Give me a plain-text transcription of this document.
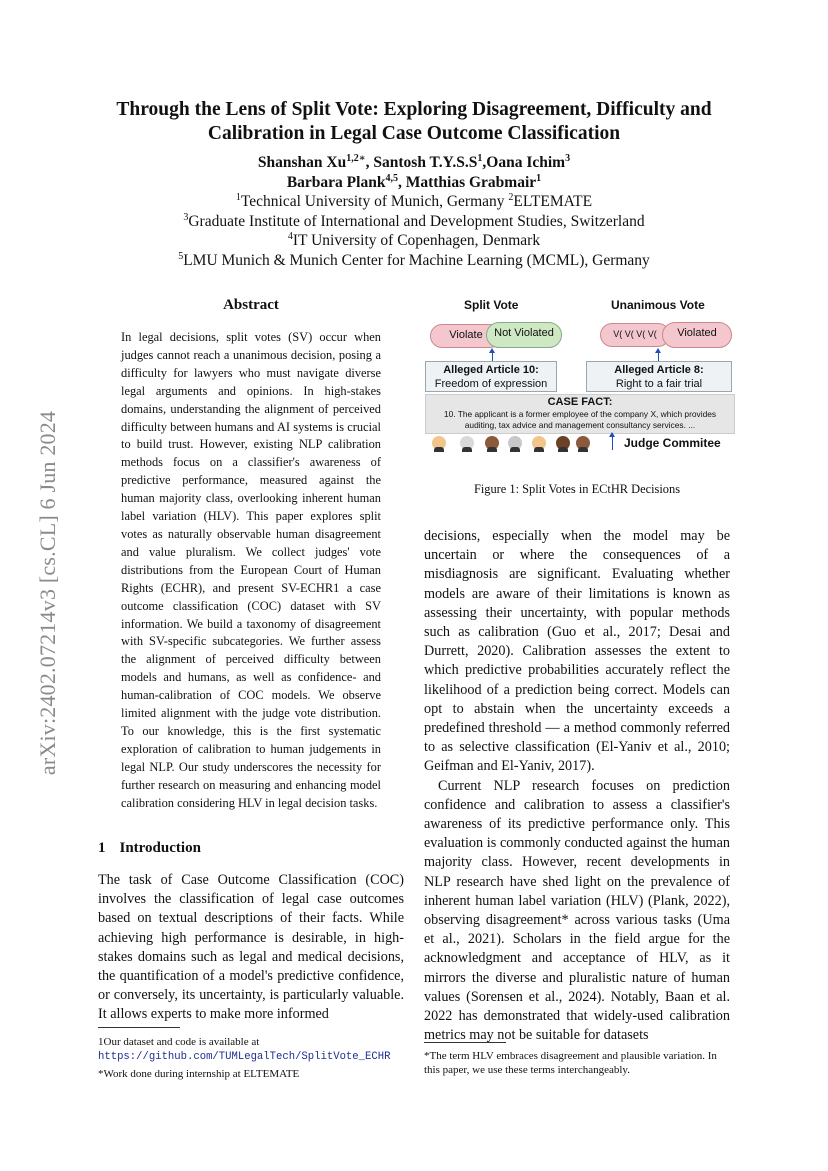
arXiv:2402.07214v3 [cs.CL] 6 Jun 2024
Through the Lens of Split Vote: Exploring Disagreement, Difficulty and Calibration in Legal Case Outcome Classification
Shanshan $Xu^{1,2∗}$, Santosh $T.Y.S.S^1,Oana$ Ichim$^3$
Barbara Plank$^{4,5}$, Matthias Grabmair$^1$
$^1$Technical University of Munich, Germany $^2$ELTEMATE
$^3$Graduate Institute of International and Development Studies, Switzerland
$^4$IT University of Copenhagen, Denmark
$^5$LMU Munich & Munich Center for Machine Learning (MCML), Germany
Abstract
In legal decisions, split votes (SV) occur when judges cannot reach a unanimous decision, posing a difficulty for lawyers who must navigate diverse legal arguments and opinions. In high-stakes domains, understanding the alignment of perceived difficulty between humans and AI systems is crucial to build trust. However, existing NLP calibration methods focus on a classifier's awareness of predictive performance, measured against the human majority class, overlooking inherent human label variation (HLV). This paper explores split votes as naturally observable human disagreement and value pluralism. We collect judges' vote distributions from the European Court of Human Rights (ECHR), and present SV-ECHR1 a case outcome classification (COC) dataset with SV information. We build a taxonomy of disagreement with SV-specific subcategories. We further assess the alignment of perceived difficulty between models and humans, as well as confidence- and human-calibration of COC models. We observe limited alignment with the judge vote distribution. To our knowledge, this is the first systematic exploration of calibration to human judgements in legal NLP. Our study underscores the necessity for further research on measuring and enhancing model calibration considering HLV in legal decision tasks.
1 Introduction
The task of Case Outcome Classification (COC) involves the classification of legal case outcomes based on textual descriptions of their facts. While achieving high performance is desirable, in high-stakes domains such as legal and medical decisions, the quantification of a model's predictive confidence, or conversely, its uncertainty, is particularly valuable. It allows experts to make more informed
1Our dataset and code is available at https://github.com/TUMLegalTech/SplitVote_ECHR
*Work done during internship at ELTEMATE
Split Vote	Unanimous Vote
Violate	Not Violated	V( V( V( V(	Violated
Alleged Article 10:
Freedom of expression
Alleged Article 8:
Right to a fair trial
CASE FACT:
10. The applicant is a former employee of the company X, which provides auditing, tax advice and management consultancy services. ...
Judge Commitee
Figure 1: Split Votes in ECtHR Decisions
decisions, especially when the model may be uncertain or where the consequences of a misdiagnosis are significant. Evaluating whether models are aware of their limitations is known as assessing their uncertainty, with popular methods such as calibration (Guo et al., 2017; Desai and Durrett, 2020). Calibration assesses the extent to which predictive probabilities accurately reflect the likelihood of a prediction being correct. Models can opt to abstain when the uncertainty exceeds a predefined threshold — a method commonly referred to as selective classification (El-Yaniv et al., 2010; Geifman and El-Yaniv, 2017).
Current NLP research focuses on prediction confidence and calibration to assess a classifier's awareness of its predictive performance only. This evaluation is commonly conducted against the human majority class. However, recent developments in NLP research have shed light on the prevalence of inherent human label variation (HLV) (Plank, 2022), observing disagreement* across various tasks (Uma et al., 2021). Scholars in the field argue for the acknowledgment and acceptance of HLV, as it mirrors the diverse and pluralistic nature of human values (Sorensen et al., 2024). Notably, Baan et al. 2022 has demonstrated that widely-used calibration metrics may not be suitable for datasets
*The term HLV embraces disagreement and plausible variation. In this paper, we use these terms interchangeably.
